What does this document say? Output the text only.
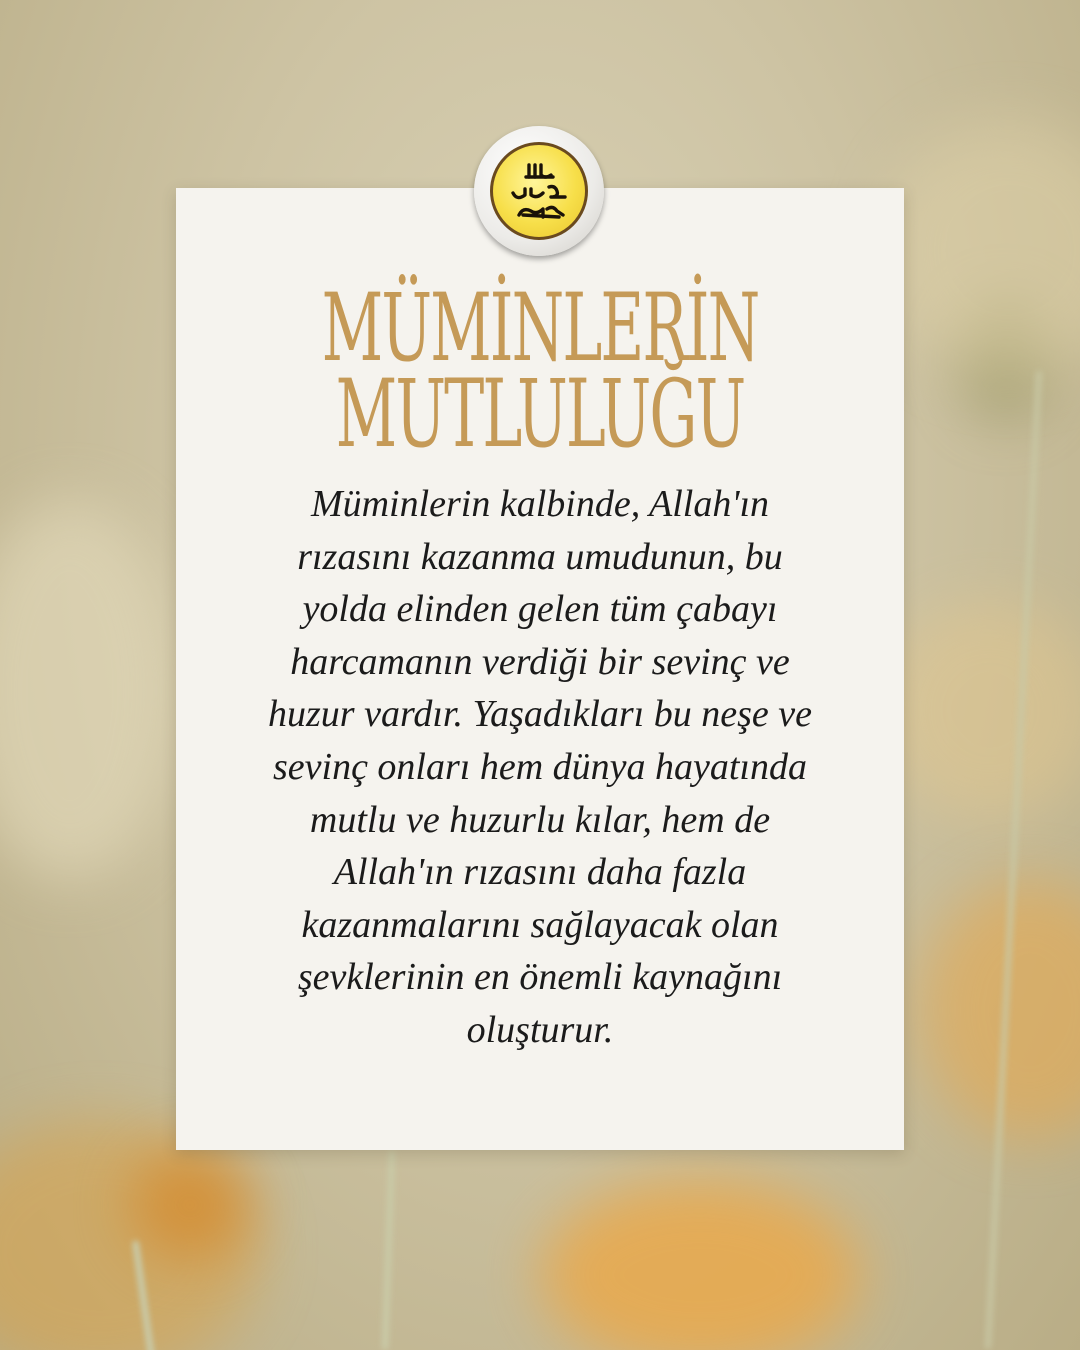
MÜMİNLERİN
MUTLULUĞU

Müminlerin kalbinde, Allah'ın
rızasını kazanma umudunun, bu
yolda elinden gelen tüm çabayı
harcamanın verdiği bir sevinç ve
huzur vardır. Yaşadıkları bu neşe ve
sevinç onları hem dünya hayatında
mutlu ve huzurlu kılar, hem de
Allah'ın rızasını daha fazla
kazanmalarını sağlayacak olan
şevklerinin en önemli kaynağını
oluşturur.
